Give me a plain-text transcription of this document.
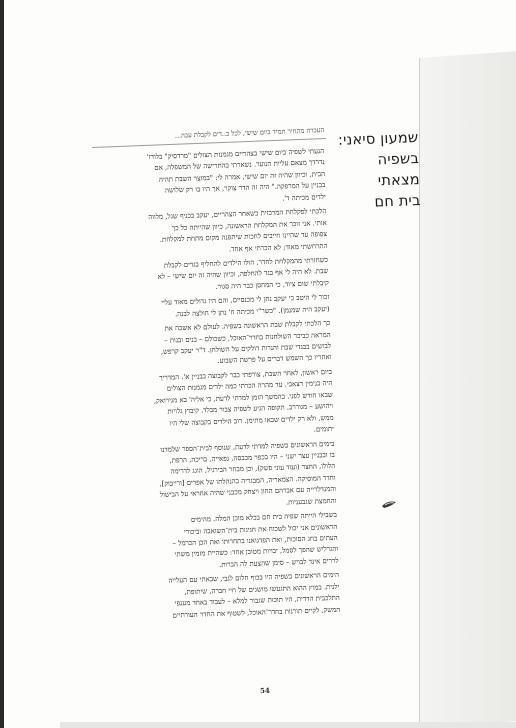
העכרה מתחיר תמיד ביום שישי, לכל כ..דים לקבלת עבה... שמעון סיאני:
בשפיה
מצאתי
בית חם
הגעתי לשפיה ביום שישי בצהריים מגמנזת הצולים "מרדסיק" בלודז'
נדרדך מצאם עליית הנוער. נשארתי בהתרישה של המשפלה, אם
הבית, וכיוון שהיה זה יום שישי, אמרה לי: "במוצר השבת תהיה
בבניין על המרפקה." היה זה הדר צוקר, אך היו בו רק שלושה
ילדים מכיתה ד'.
הלכתי לפקלחת המרכזית כשאחר הצהריים, יעקב בכניף שגל, מלווה
אותי. אני זוכר את המקלחת הראשונה, כיוון שהייתה כל כך
צפופה עד שהיינו חייבים לחכות שיתפנה מקום מתחת למקלחת.
התרחשתי מאוד; לא הכרתי אף אחד.
כשחזרתי מהמקלחת לחדר, הולו הילדים להחליף בגדים לקבלת
שבת. לא היה לי אף בגד להחלפה, וכיוון שהיה זה יום שישי – לא
קיבלתי שום ציוד, כי המחסן כבר היה סגור.
זכור לי היטב כי יעקב נתן לי מכנסיים, והם היו גדולים מאוד עליי
(יעקב היה שמנמן). "כשר"י מכיתה ח' נתן לי חולצה לבנה.
כך הלכתי לקבלת שבת הראשונה בשפיה. לעולם לא אשכח את
המראה כביכר השולחנות בחדר־האוכל, כשכולם – בנים ובנות –
לבושים בבגדי שבת והנרות דולקים על השולחן. ד"ר יעקב קרפש,
ואחריו כך השמש דברים על פרשת השבוע.
ביום ראשון, לאחר השבת, צורפתי כבר לקבוצה בבניין א'. המדריך
היה בנימין רצאבי. עד מהרה הכרתי כמה ילדים מגמנזת הצולים
שבאו חודש לפני. בהמשך הזמן למדתי לדעת, כי אליה' בא מגירואק,
ויהושע – מגוררב. תקופה הגיע לשפיה צבור מבלד. קיבוץ גלויות
ממש, ולא רק ילדים שבאו מתימן. רוב הילדים בקבוצה שלי היו
יתומים.
בימים הראשונים בשפיה למדתי לדעת, שנוסף לבית־הספר שלמדנו
בו ובבניין עצר ישני – היו בכפר מכבסה, נפאייה, בריכה, הרפת,
הלולו, החצר (ועוד עוני פשק), וכן מבחר הבירגיל, הוגג לדרימה
וחדר המוסיקה. הצמאריה, המבגריה בהנהלתו של אפרים [ורייבוק],
והמנדלרייה עם אברהם החון ויצחק מכבני שהיה אחראי על הבישול
והחמצת שגבעניות.
בשבילי הייתה שפיה בית חם בכלא מוכן המלה. מהימים
הראשונים אני יכול לשכוח את חגיגות בית־השואבה וביכורי
העתים בחג הסוכות, ואת הפדגואנו בתחרותו ואת הכן הכרמל –
והגרליש שהפך לסמל, יבויות מטובן אחד: כשהיית מזמין משתי
לררים אינד לבויש – סימן שהצעת לה הברות.
הימים הראשונים בשפיה היו בכוף חלום לגבי, שבאתי עם העלייה
ילנית. במוץ ההוא התגעשו מושגים של חיי חברה, שיתופת,
התלכבית הדדית, היו תוכות שגבור למלא – לעבוד באחד מענפי
המשק, לקיים תורנות בחדר־האוכל, לשטוף את החדר העורתיים
54
